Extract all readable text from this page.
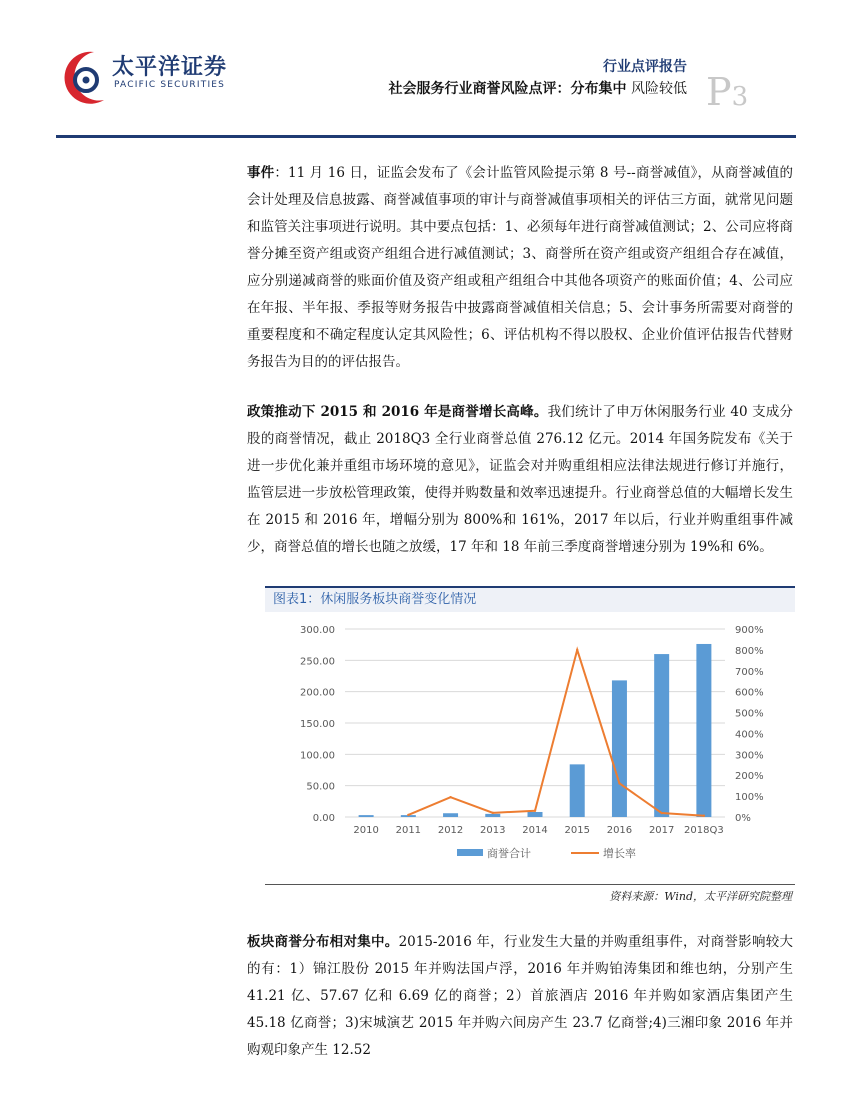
太平洋证券
PACIFIC SECURITIES
行业点评报告
社会服务行业商誉风险点评：分布集中 风险较低 P3

事件：11 月 16 日，证监会发布了《会计监管风险提示第 8 号--商誉减值》，从商誉减值的会计处理及信息披露、商誉减值事项的审计与商誉减值事项相关的评估三方面，就常见问题和监管关注事项进行说明。其中要点包括：1、必须每年进行商誉减值测试；2、公司应将商誉分摊至资产组或资产组组合进行减值测试；3、商誉所在资产组或资产组组合存在减值，应分别递减商誉的账面价值及资产组或租产组组合中其他各项资产的账面价值；4、公司应在年报、半年报、季报等财务报告中披露商誉减值相关信息；5、会计事务所需要对商誉的重要程度和不确定程度认定其风险性；6、评估机构不得以股权、企业价值评估报告代替财务报告为目的的评估报告。

政策推动下 2015 和 2016 年是商誉增长高峰。我们统计了申万休闲服务行业 40 支成分股的商誉情况，截止 2018Q3 全行业商誉总值 276.12 亿元。2014 年国务院发布《关于进一步优化兼并重组市场环境的意见》，证监会对并购重组相应法律法规进行修订并施行，监管层进一步放松管理政策，使得并购数量和效率迅速提升。行业商誉总值的大幅增长发生在 2015 和 2016 年，增幅分别为 800%和 161%，2017 年以后，行业并购重组事件减少，商誉总值的增长也随之放缓，17 年和 18 年前三季度商誉增速分别为 19%和 6%。

图表1：休闲服务板块商誉变化情况
0.00
50.00
100.00
150.00
200.00
250.00
300.00
0%
100%
200%
300%
400%
500%
600%
700%
800%
900%
2010 2011 2012 2013 2014 2015 2016 2017 2018Q3
商誉合计	增长率
资料来源：Wind，太平洋研究院整理

板块商誉分布相对集中。2015-2016 年，行业发生大量的并购重组事件，对商誉影响较大的有：1）锦江股份 2015 年并购法国卢浮，2016 年并购铂涛集团和维也纳，分别产生 41.21 亿、57.67 亿和 6.69 亿的商誉；2）首旅酒店 2016 年并购如家酒店集团产生 45.18 亿商誉；3)宋城演艺 2015 年并购六间房产生 23.7 亿商誉;4)三湘印象 2016 年并购观印象产生 12.52
